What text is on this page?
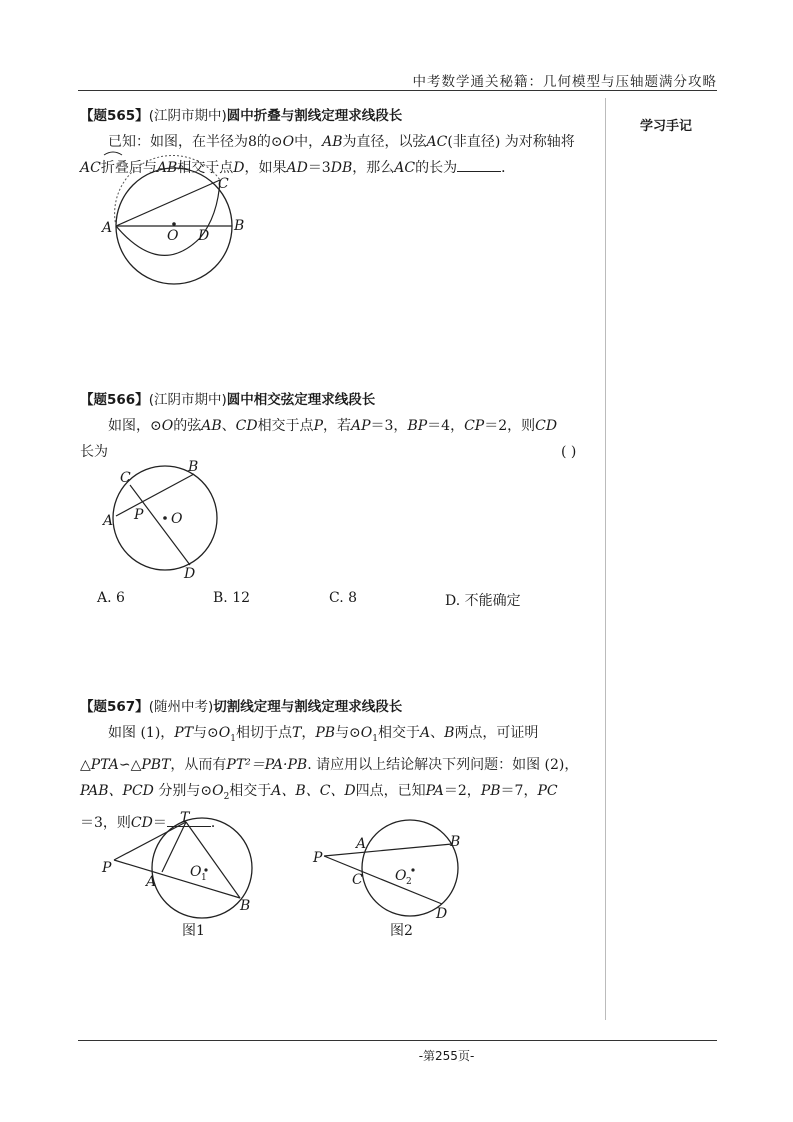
中考数学通关秘籍：几何模型与压轴题满分攻略
学习手记
【题565】(江阴市期中)圆中折叠与割线定理求线段长

已知：如图，在半径为8的⊙O中，AB为直径，以弦AC(非直径) 为对称轴将

AC折叠后与AB相交于点D，如果AD＝3DB，那么AC的长为	．

A	B
C
O D
【题566】(江阴市期中)圆中相交弦定理求线段长

如图，⊙O的弦AB、CD相交于点P，若AP＝3，BP＝4，CP＝2，则CD

长为	( )

A
B
C
D
P O
A. 6	B. 12	C. 8	D. 不能确定
【题567】(随州中考)切割线定理与割线定理求线段长

如图 (1)，PT与$⊙O_1$相切于点T，PB与$⊙O_1$相交于A、B两点，可证明

△PTA∽△PBT，从而有PT²＝PA·PB. 请应用以上结论解决下列问题：如图 (2)，

PAB、PCD 分别与$⊙O_2$相交于A、B、C、D四点，已知PA＝2，PB＝7，PC

＝3，则CD＝	．

P
T
A
B
O 1
图1
P
A	B
C
D
O 2
图2
-第255页-
